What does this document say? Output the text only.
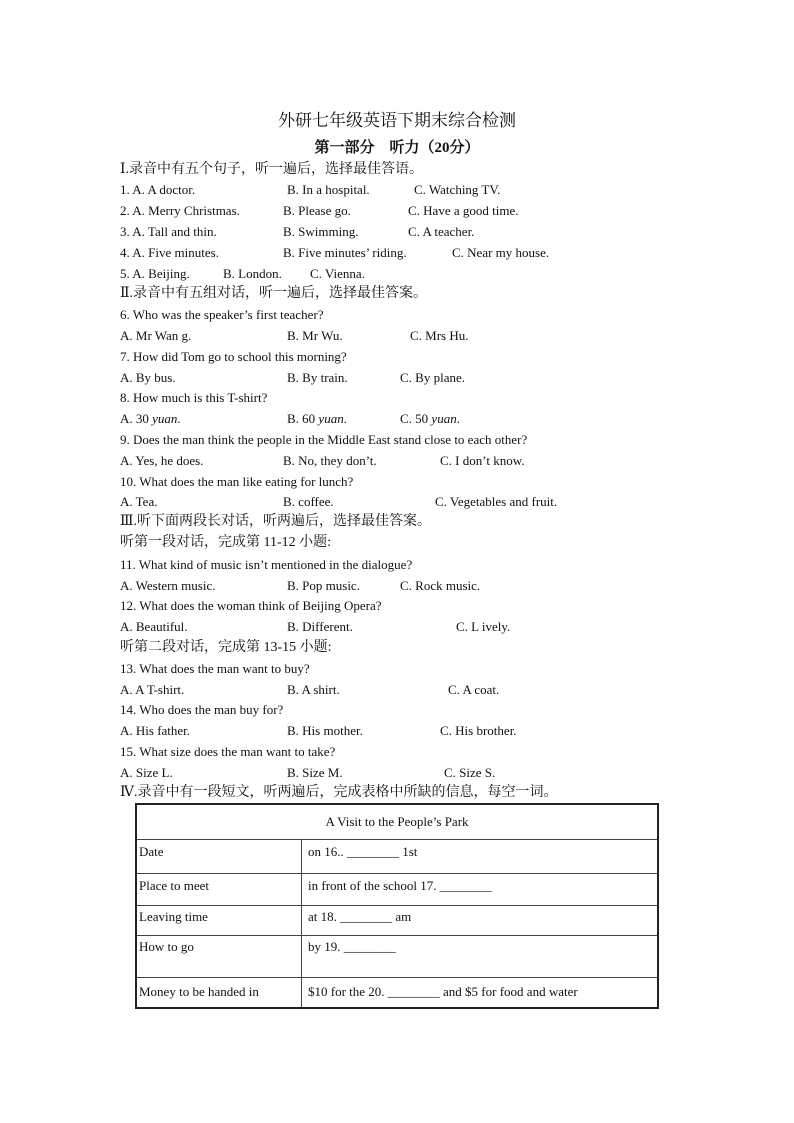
外研七年级英语下期末综合检测
第一部分　听力（20分）
Ⅰ.录音中有五个句子，听一遍后，选择最佳答语。
1. A. A doctor.	B. In a hospital.	C. Watching TV.
2. A. Merry Christmas.	B. Please go.	C. Have a good time.
3. A. Tall and thin.	B. Swimming.	C. A teacher.
4. A. Five minutes.	B. Five minutes’ riding.	C. Near my house.
5. A. Beijing.	B. London. C. Vienna.
Ⅱ.录音中有五组对话，听一遍后，选择最佳答案。
6. Who was the speaker’s first teacher?
A. Mr Wan g.	B. Mr Wu.	C. Mrs Hu.
7. How did Tom go to school this morning?
A. By bus.	B. By train.	C. By plane.
8. How much is this T-shirt?
A. 30 yuan.	B. 60 yuan.	C. 50 yuan.
9. Does the man think the people in the Middle East stand close to each other?
A. Yes, he does.	B. No, they don’t.	C. I don’t know.
10. What does the man like eating for lunch?
A. Tea.	B. coffee.	C. Vegetables and fruit.
Ⅲ.听下面两段长对话，听两遍后，选择最佳答案。
听第一段对话，完成第 11-12 小题:
11. What kind of music isn’t mentioned in the dialogue?
A. Western music.	B. Pop music.	C. Rock music.
12. What does the woman think of Beijing Opera?
A. Beautiful.	B. Different.	C. L ively.
听第二段对话，完成第 13-15 小题:
13. What does the man want to buy?
A. A T-shirt.	B. A shirt.	C. A coat.
14. Who does the man buy for?
A. His father.	B. His mother.	C. His brother.
15. What size does the man want to take?
A. Size L.	B. Size M.	C. Size S.
Ⅳ.录音中有一段短文，听两遍后，完成表格中所缺的信息，每空一词。
A Visit to the People’s Park	
Date	on 16.. ________ 1st
Place to meet	in front of the school 17. ________
Leaving time	at 18. ________ am
How to go	by 19. ________
Money to be handed in	$10 for the 20. ________ and $5 for food and water
